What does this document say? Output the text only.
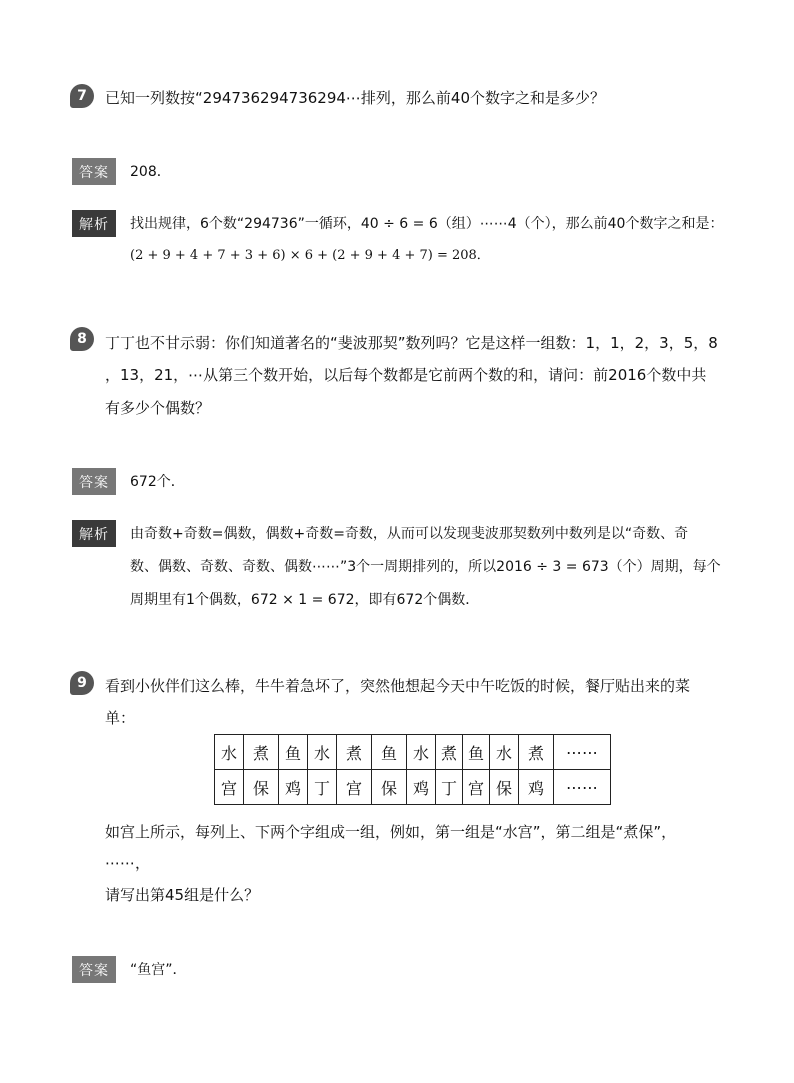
7	已知一列数按“294736294736294⋯排列，那么前40个数字之和是多少？
答案	208．
解析	找出规律，6个数“294736”一循环，40 ÷ 6 = 6（组）⋯⋯4（个），那么前40个数字之和是：
(2 + 9 + 4 + 7 + 3 + 6) × 6 + (2 + 9 + 4 + 7) = 208．
8	丁丁也不甘示弱：你们知道著名的“斐波那契”数列吗？它是这样一组数：1，1，2，3，5，8
，13，21，⋯从第三个数开始，以后每个数都是它前两个数的和，请问：前2016个数中共
有多少个偶数？
答案	672个．
解析	由奇数+奇数=偶数，偶数+奇数=奇数，从而可以发现斐波那契数列中数列是以“奇数、奇
数、偶数、奇数、奇数、偶数⋯⋯”3个一周期排列的，所以2016 ÷ 3 = 673（个）周期，每个
周期里有1个偶数，672 × 1 = 672，即有672个偶数．
9	看到小伙伴们这么棒，牛牛着急坏了，突然他想起今天中午吃饭的时候，餐厅贴出来的菜
单：
水	煮	鱼	水	煮	鱼	水	煮	鱼	水	煮	⋯⋯
宫	保	鸡	丁	宫	保	鸡	丁	宫	保	鸡	⋯⋯
如宫上所示，每列上、下两个字组成一组，例如，第一组是“水宫”，第二组是“煮保”，
⋯⋯，
请写出第45组是什么？
答案	“鱼宫”．
